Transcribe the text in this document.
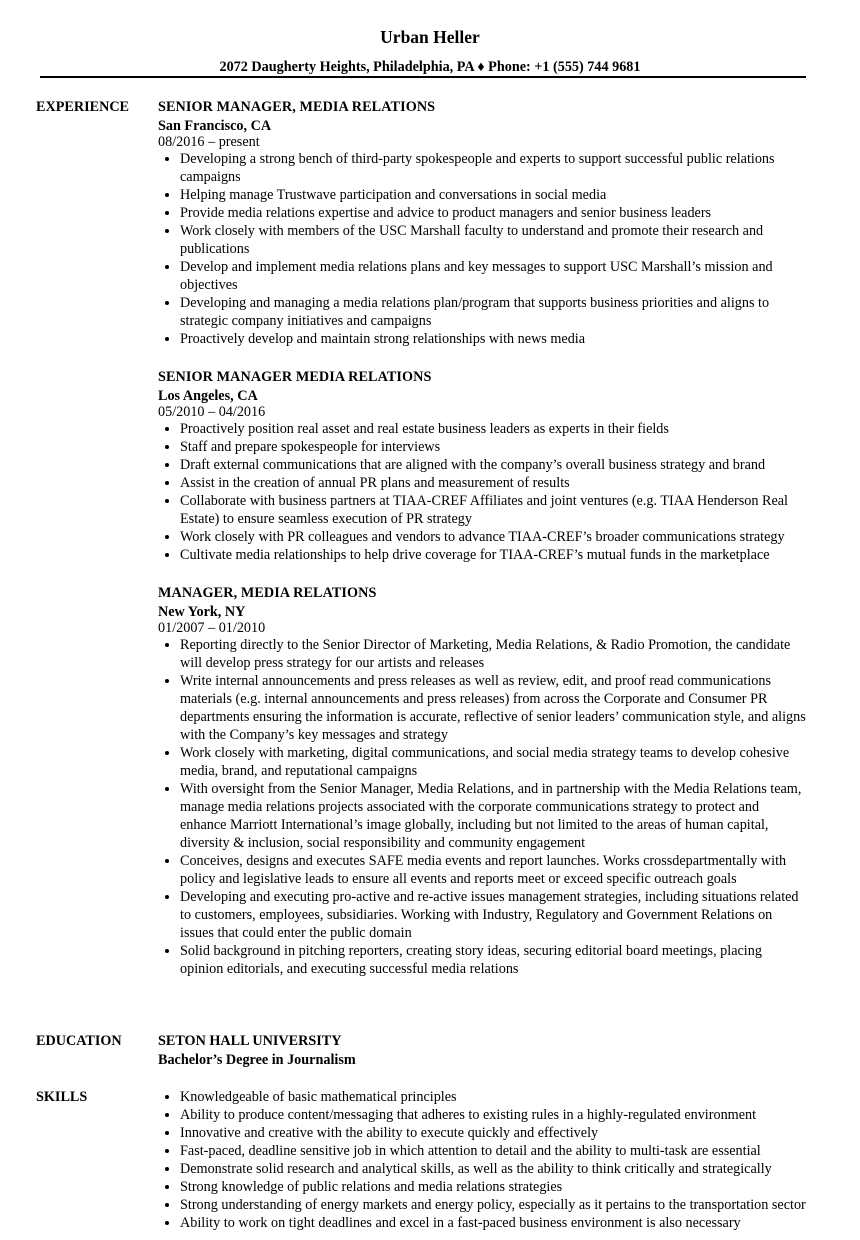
Urban Heller
2072 Daugherty Heights, Philadelphia, PA ♦ Phone: +1 (555) 744 9681
EXPERIENCE SENIOR MANAGER, MEDIA RELATIONS
San Francisco, CA
08/2016 – present
Developing a strong bench of third-party spokespeople and experts to support successful public relations campaigns
Helping manage Trustwave participation and conversations in social media
Provide media relations expertise and advice to product managers and senior business leaders
Work closely with members of the USC Marshall faculty to understand and promote their research and publications
Develop and implement media relations plans and key messages to support USC Marshall’s mission and objectives
Developing and managing a media relations plan/program that supports business priorities and aligns to strategic company initiatives and campaigns
Proactively develop and maintain strong relationships with news media
SENIOR MANAGER MEDIA RELATIONS
Los Angeles, CA
05/2010 – 04/2016
Proactively position real asset and real estate business leaders as experts in their fields
Staff and prepare spokespeople for interviews
Draft external communications that are aligned with the company’s overall business strategy and brand
Assist in the creation of annual PR plans and measurement of results
Collaborate with business partners at TIAA-CREF Affiliates and joint ventures (e.g. TIAA Henderson Real Estate) to ensure seamless execution of PR strategy
Work closely with PR colleagues and vendors to advance TIAA-CREF’s broader communications strategy
Cultivate media relationships to help drive coverage for TIAA-CREF’s mutual funds in the marketplace
MANAGER, MEDIA RELATIONS
New York, NY
01/2007 – 01/2010
Reporting directly to the Senior Director of Marketing, Media Relations, & Radio Promotion, the candidate will develop press strategy for our artists and releases
Write internal announcements and press releases as well as review, edit, and proof read communications materials (e.g. internal announcements and press releases) from across the Corporate and Consumer PR departments ensuring the information is accurate, reflective of senior leaders’ communication style, and aligns with the Company’s key messages and strategy
Work closely with marketing, digital communications, and social media strategy teams to develop cohesive media, brand, and reputational campaigns
With oversight from the Senior Manager, Media Relations, and in partnership with the Media Relations team, manage media relations projects associated with the corporate communications strategy to protect and enhance Marriott International’s image globally, including but not limited to the areas of human capital, diversity & inclusion, social responsibility and community engagement
Conceives, designs and executes SAFE media events and report launches. Works crossdepartmentally with policy and legislative leads to ensure all events and reports meet or exceed specific outreach goals
Developing and executing pro-active and re-active issues management strategies, including situations related to customers, employees, subsidiaries. Working with Industry, Regulatory and Government Relations on issues that could enter the public domain
Solid background in pitching reporters, creating story ideas, securing editorial board meetings, placing opinion editorials, and executing successful media relations
EDUCATION	SETON HALL UNIVERSITY
Bachelor’s Degree in Journalism
SKILLS	Knowledgeable of basic mathematical principles
Ability to produce content/messaging that adheres to existing rules in a highly-regulated environment
Innovative and creative with the ability to execute quickly and effectively
Fast-paced, deadline sensitive job in which attention to detail and the ability to multi-task are essential
Demonstrate solid research and analytical skills, as well as the ability to think critically and strategically
Strong knowledge of public relations and media relations strategies
Strong understanding of energy markets and energy policy, especially as it pertains to the transportation sector
Ability to work on tight deadlines and excel in a fast-paced business environment is also necessary
